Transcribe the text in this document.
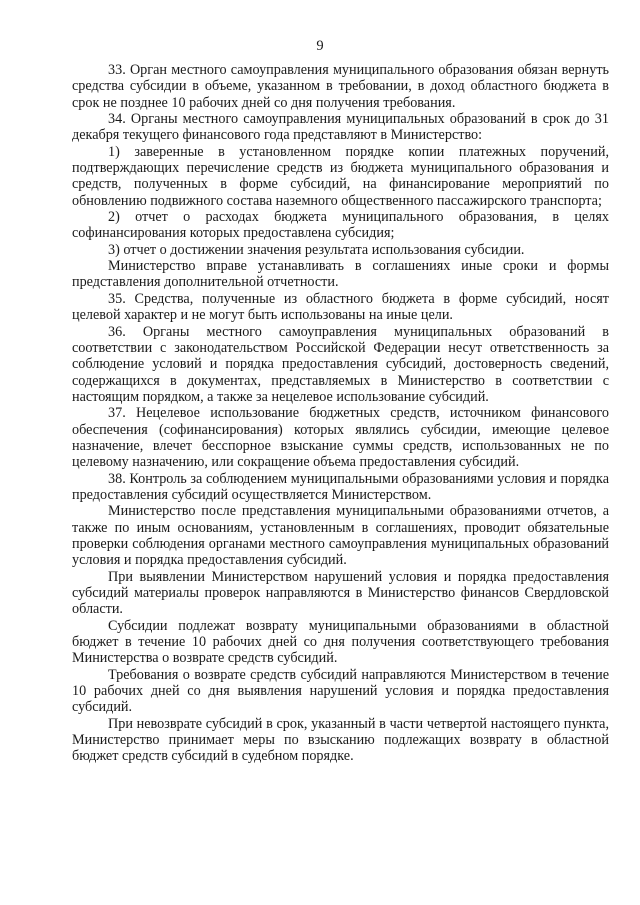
9

33. Орган местного самоуправления муниципального образования обязан вернуть средства субсидии в объеме, указанном в требовании, в доход областного бюджета в срок не позднее 10 рабочих дней со дня получения требования.

34. Органы местного самоуправления муниципальных образований в срок до 31 декабря текущего финансового года представляют в Министерство:

1) заверенные в установленном порядке копии платежных поручений, подтверждающих перечисление средств из бюджета муниципального образования и средств, полученных в форме субсидий, на финансирование мероприятий по обновлению подвижного состава наземного общественного пассажирского транспорта;

2) отчет о расходах бюджета муниципального образования, в целях софинансирования которых предоставлена субсидия;

3) отчет о достижении значения результата использования субсидии.

Министерство вправе устанавливать в соглашениях иные сроки и формы представления дополнительной отчетности.

35. Средства, полученные из областного бюджета в форме субсидий, носят целевой характер и не могут быть использованы на иные цели.

36. Органы местного самоуправления муниципальных образований в соответствии с законодательством Российской Федерации несут ответственность за соблюдение условий и порядка предоставления субсидий, достоверность сведений, содержащихся в документах, представляемых в Министерство в соответствии с настоящим порядком, а также за нецелевое использование субсидий.

37. Нецелевое использование бюджетных средств, источником финансового обеспечения (софинансирования) которых являлись субсидии, имеющие целевое назначение, влечет бесспорное взыскание суммы средств, использованных не по целевому назначению, или сокращение объема предоставления субсидий.

38. Контроль за соблюдением муниципальными образованиями условия и порядка предоставления субсидий осуществляется Министерством.

Министерство после представления муниципальными образованиями отчетов, а также по иным основаниям, установленным в соглашениях, проводит обязательные проверки соблюдения органами местного самоуправления муниципальных образований условия и порядка предоставления субсидий.

При выявлении Министерством нарушений условия и порядка предоставления субсидий материалы проверок направляются в Министерство финансов Свердловской области.

Субсидии подлежат возврату муниципальными образованиями в областной бюджет в течение 10 рабочих дней со дня получения соответствующего требования Министерства о возврате средств субсидий.

Требования о возврате средств субсидий направляются Министерством в течение 10 рабочих дней со дня выявления нарушений условия и порядка предоставления субсидий.

При невозврате субсидий в срок, указанный в части четвертой настоящего пункта, Министерство принимает меры по взысканию подлежащих возврату в областной бюджет средств субсидий в судебном порядке.
